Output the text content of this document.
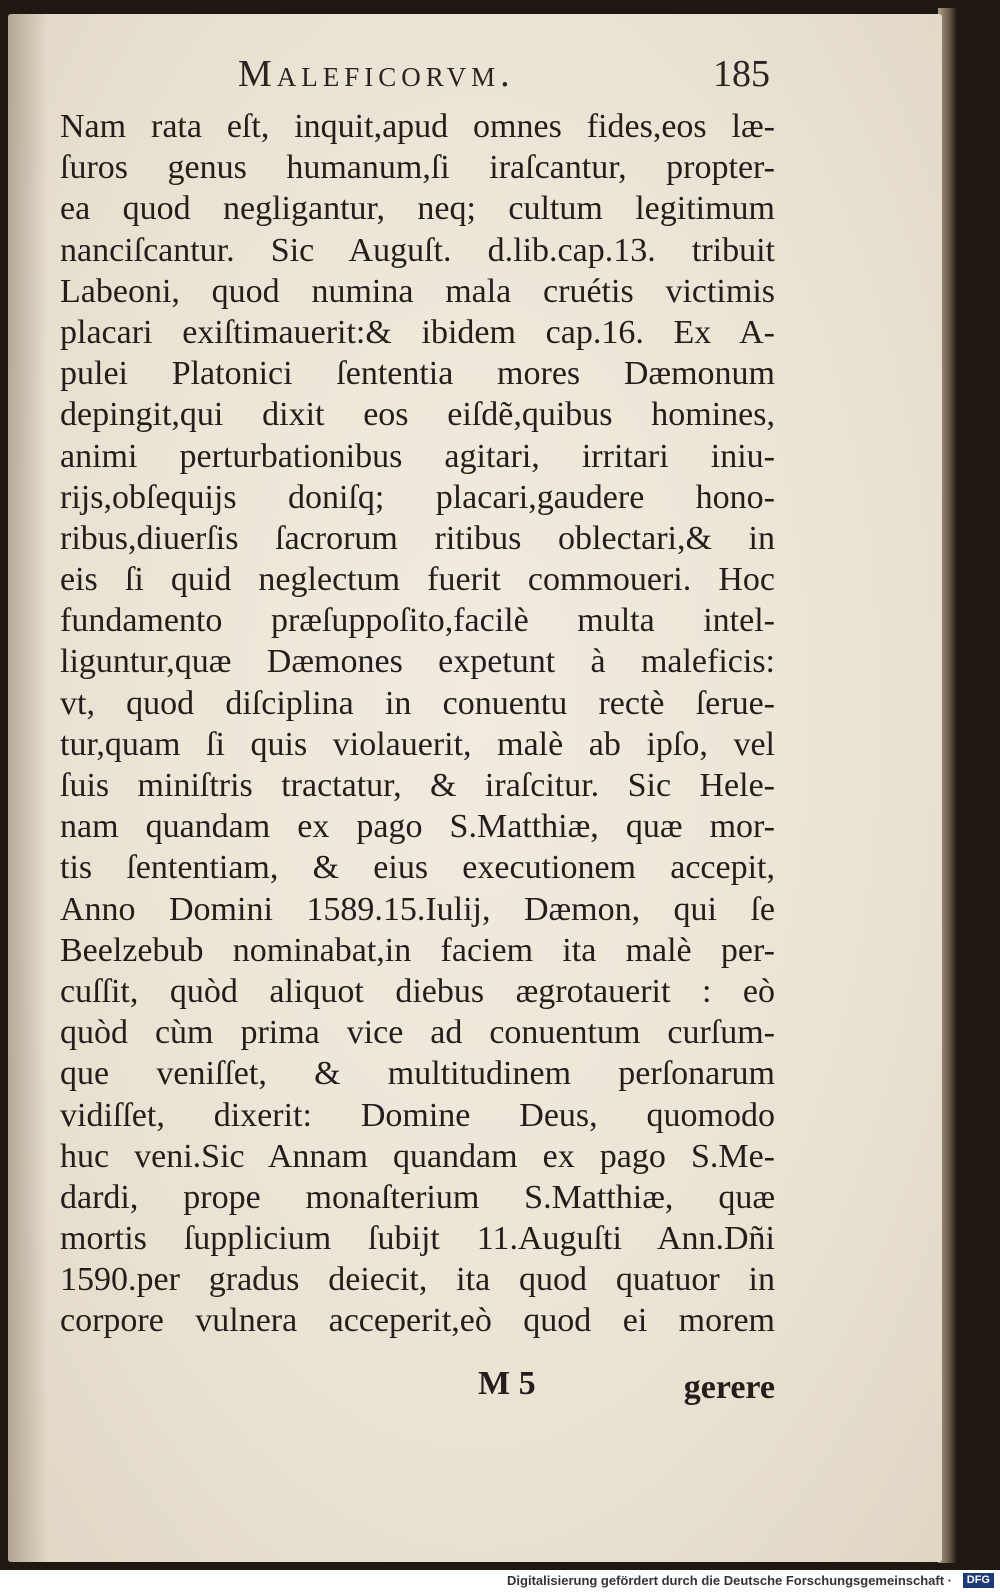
Maleficorvm.	185
Nam rata eſt, inquit,apud omnes fides,eos læ-
ſuros genus humanum,ſi iraſcantur, propter-
ea quod negligantur, neq; cultum legitimum
nanciſcantur. Sic Auguſt. d.lib.cap.13. tribuit
Labeoni, quod numina mala cruétis victimis
placari exiſtimauerit:& ibidem cap.16. Ex A-
pulei Platonici ſententia mores Dæmonum
depingit,qui dixit eos eiſdẽ,quibus homines,
animi perturbationibus agitari, irritari iniu-
rijs,obſequijs doniſq; placari,gaudere hono-
ribus,diuerſis ſacrorum ritibus oblectari,& in
eis ſi quid neglectum fuerit commoueri. Hoc
fundamento præſuppoſito,facilè multa intel-
liguntur,quæ Dæmones expetunt à maleficis:
vt, quod diſciplina in conuentu rectè ſerue-
tur,quam ſi quis violauerit, malè ab ipſo, vel
ſuis miniſtris tractatur, & iraſcitur. Sic Hele-
nam quandam ex pago S.Matthiæ, quæ mor-
tis ſententiam, & eius executionem accepit,
Anno Domini 1589.15.Iulij, Dæmon, qui ſe
Beelzebub nominabat,in faciem ita malè per-
cuſſit, quòd aliquot diebus ægrotauerit : eò
quòd cùm prima vice ad conuentum curſum-
que veniſſet, & multitudinem perſonarum
vidiſſet, dixerit: Domine Deus, quomodo
huc veni.Sic Annam quandam ex pago S.Me-
dardi, prope monaſterium S.Matthiæ, quæ
mortis ſupplicium ſubijt 11.Auguſti Ann.Dñi
1590.per gradus deiecit, ita quod quatuor in
corpore vulnera acceperit,eò quod ei morem
M 5	gerere
Digitalisierung gefördert durch die Deutsche Forschungsgemeinschaft ·	DFG
